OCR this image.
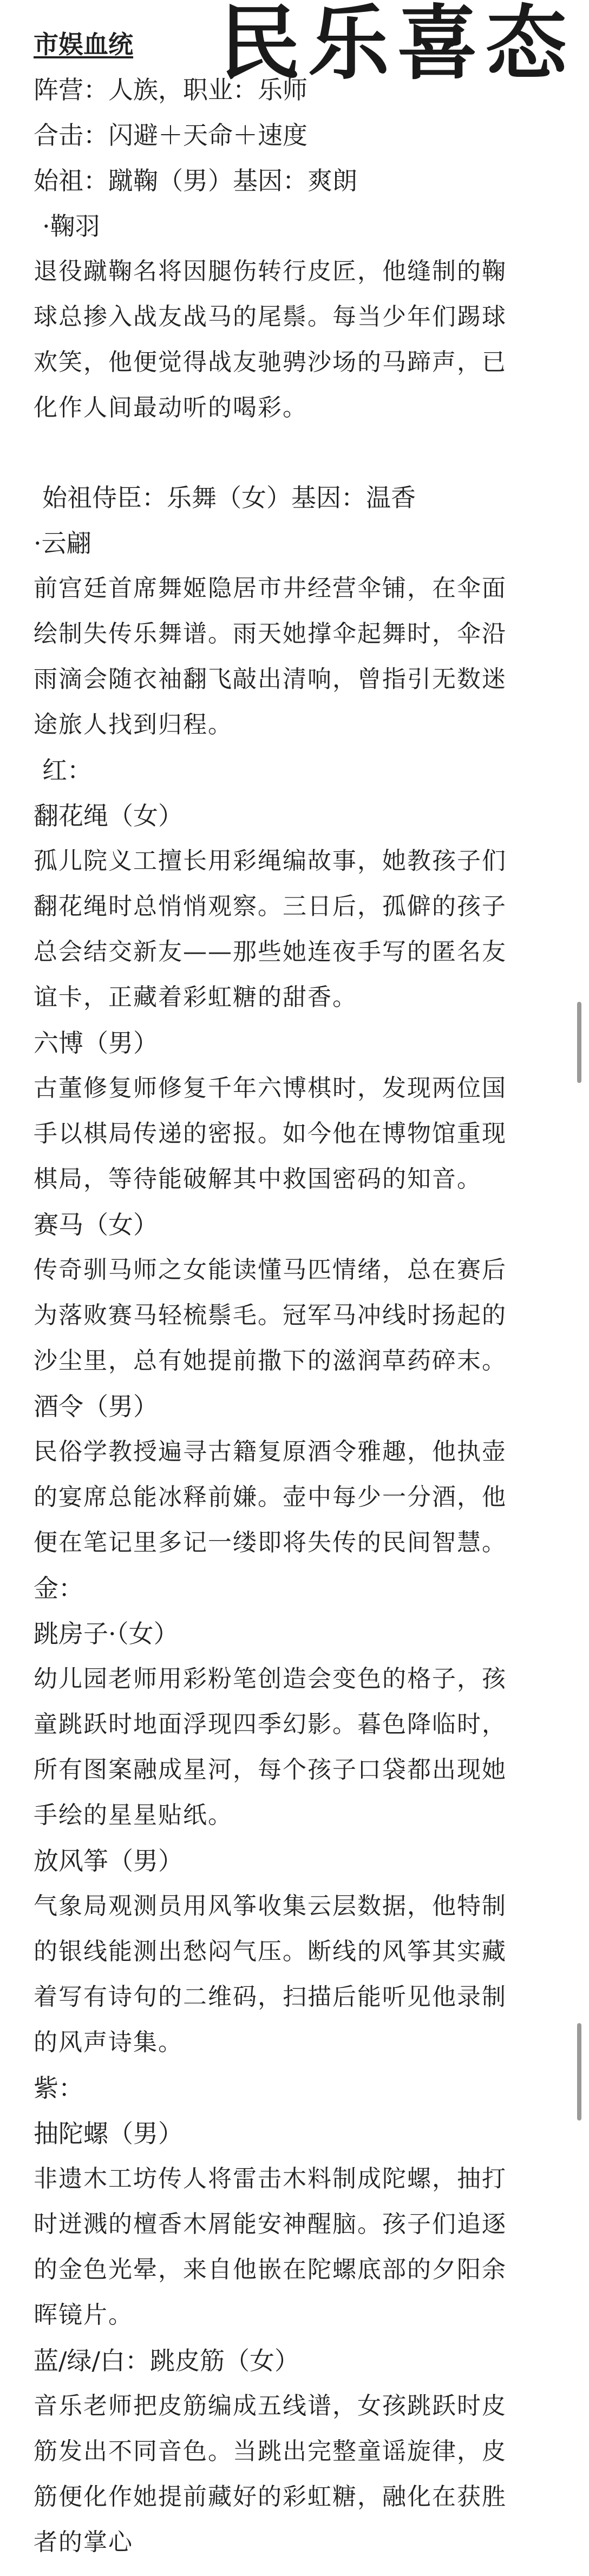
民乐喜态

市娱血统

阵营：人族，职业：乐师

合击：闪避＋天命＋速度

始祖：蹴鞠（男）基因：爽朗

·鞠羽

退役蹴鞠名将因腿伤转行皮匠，他缝制的鞠

球总掺入战友战马的尾鬃。每当少年们踢球

欢笑，他便觉得战友驰骋沙场的马蹄声，已

化作人间最动听的喝彩。

始祖侍臣：乐舞（女）基因：温香

·云翩

前宫廷首席舞姬隐居市井经营伞铺，在伞面

绘制失传乐舞谱。雨天她撑伞起舞时，伞沿

雨滴会随衣袖翻飞敲出清响，曾指引无数迷

途旅人找到归程。

红：

翻花绳（女）

孤儿院义工擅长用彩绳编故事，她教孩子们

翻花绳时总悄悄观察。三日后，孤僻的孩子

总会结交新友——那些她连夜手写的匿名友

谊卡，正藏着彩虹糖的甜香。

六博（男）

古董修复师修复千年六博棋时，发现两位国

手以棋局传递的密报。如今他在博物馆重现

棋局，等待能破解其中救国密码的知音。

赛马（女）

传奇驯马师之女能读懂马匹情绪，总在赛后

为落败赛马轻梳鬃毛。冠军马冲线时扬起的

沙尘里，总有她提前撒下的滋润草药碎末。

酒令（男）

民俗学教授遍寻古籍复原酒令雅趣，他执壶

的宴席总能冰释前嫌。壶中每少一分酒，他

便在笔记里多记一缕即将失传的民间智慧。

金：

跳房子·（女）

幼儿园老师用彩粉笔创造会变色的格子，孩

童跳跃时地面浮现四季幻影。暮色降临时，

所有图案融成星河，每个孩子口袋都出现她

手绘的星星贴纸。

放风筝（男）

气象局观测员用风筝收集云层数据，他特制

的银线能测出愁闷气压。断线的风筝其实藏

着写有诗句的二维码，扫描后能听见他录制

的风声诗集。

紫：

抽陀螺（男）

非遗木工坊传人将雷击木料制成陀螺，抽打

时迸溅的檀香木屑能安神醒脑。孩子们追逐

的金色光晕，来自他嵌在陀螺底部的夕阳余

晖镜片。

蓝/绿/白：跳皮筋（女）

音乐老师把皮筋编成五线谱，女孩跳跃时皮

筋发出不同音色。当跳出完整童谣旋律，皮

筋便化作她提前藏好的彩虹糖，融化在获胜

者的掌心
